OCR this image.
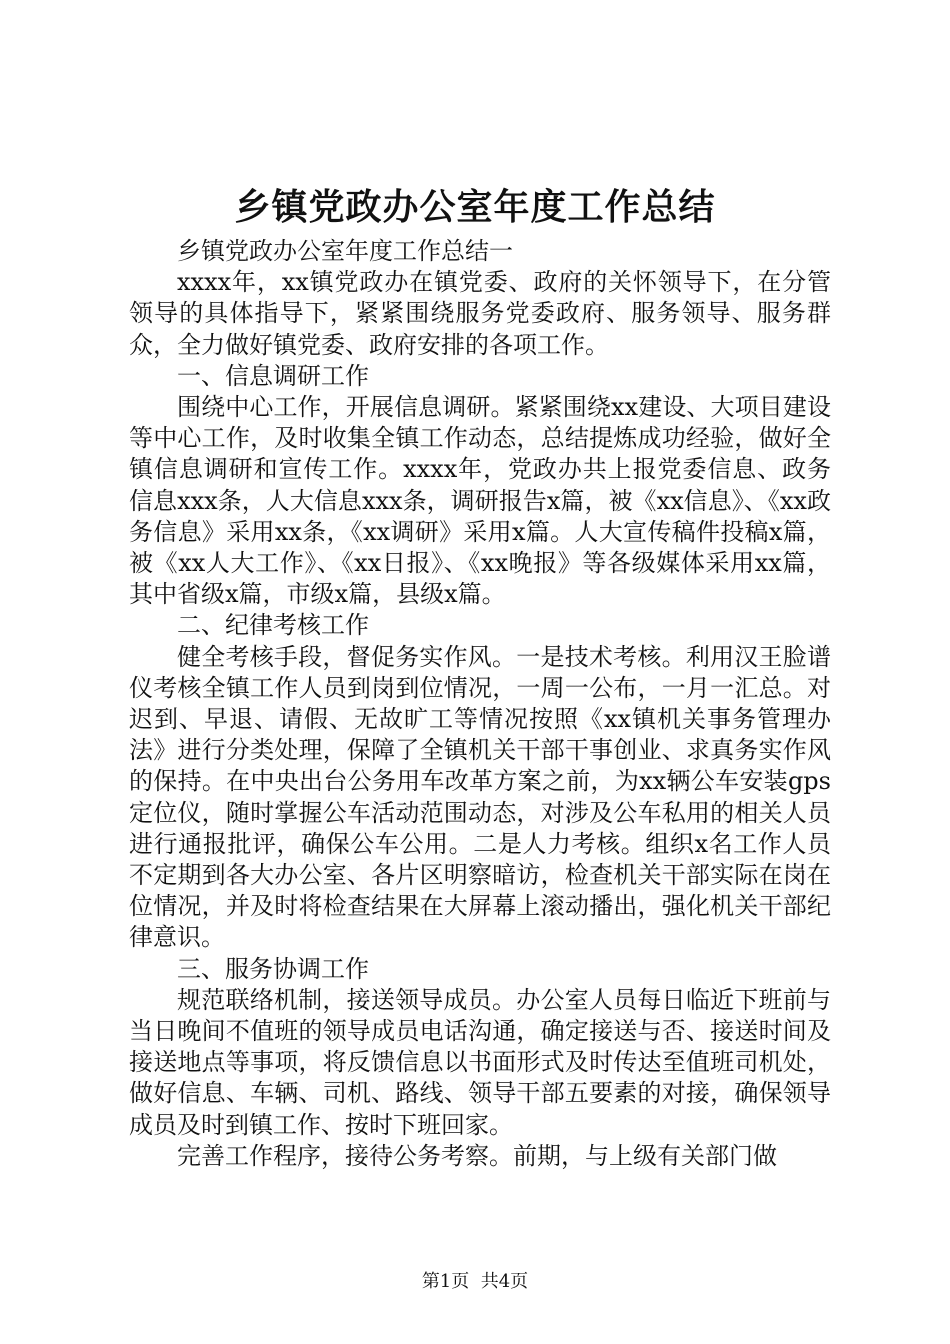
乡镇党政办公室年度工作总结

乡镇党政办公室年度工作总结一

xxxx年，xx镇党政办在镇党委、政府的关怀领导下，在分管领导的具体指导下，紧紧围绕服务党委政府、服务领导、服务群众，全力做好镇党委、政府安排的各项工作。

一、信息调研工作

围绕中心工作，开展信息调研。紧紧围绕xx建设、大项目建设等中心工作，及时收集全镇工作动态，总结提炼成功经验，做好全镇信息调研和宣传工作。xxxx年，党政办共上报党委信息、政务信息xxx条，人大信息xxx条，调研报告x篇，被《xx信息》、《xx政务信息》采用xx条，《xx调研》采用x篇。人大宣传稿件投稿x篇，被《xx人大工作》、《xx日报》、《xx晚报》等各级媒体采用xx篇，其中省级x篇，市级x篇，县级x篇。

二、纪律考核工作

健全考核手段，督促务实作风。一是技术考核。利用汉王脸谱仪考核全镇工作人员到岗到位情况，一周一公布，一月一汇总。对迟到、早退、请假、无故旷工等情况按照《xx镇机关事务管理办法》进行分类处理，保障了全镇机关干部干事创业、求真务实作风的保持。在中央出台公务用车改革方案之前，为xx辆公车安装gps定位仪，随时掌握公车活动范围动态，对涉及公车私用的相关人员进行通报批评，确保公车公用。二是人力考核。组织x名工作人员不定期到各大办公室、各片区明察暗访，检查机关干部实际在岗在位情况，并及时将检查结果在大屏幕上滚动播出，强化机关干部纪律意识。

三、服务协调工作

规范联络机制，接送领导成员。办公室人员每日临近下班前与当日晚间不值班的领导成员电话沟通，确定接送与否、接送时间及接送地点等事项，将反馈信息以书面形式及时传达至值班司机处，做好信息、车辆、司机、路线、领导干部五要素的对接，确保领导成员及时到镇工作、按时下班回家。

完善工作程序，接待公务考察。前期，与上级有关部门做

第1页 共4页
